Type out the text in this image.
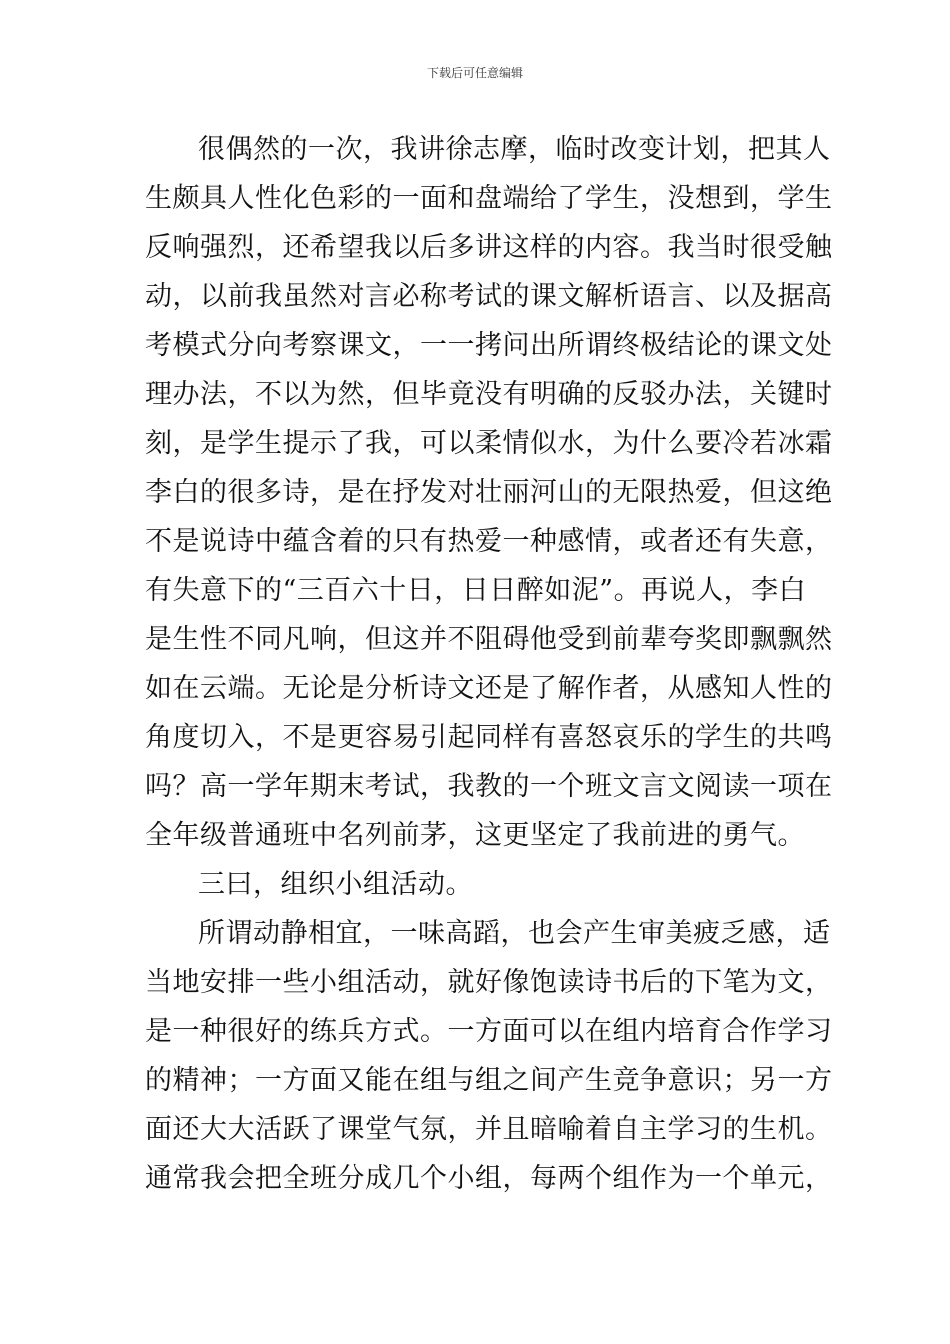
下载后可任意编辑
很偶然的一次，我讲徐志摩，临时改变计划，把其人
生颇具人性化色彩的一面和盘端给了学生，没想到，学生
反响强烈，还希望我以后多讲这样的内容。我当时很受触
动，以前我虽然对言必称考试的课文解析语言、以及据高
考模式分向考察课文，一一拷问出所谓终极结论的课文处
理办法，不以为然，但毕竟没有明确的反驳办法，关键时
刻，是学生提示了我，可以柔情似水，为什么要冷若冰霜
李白的很多诗，是在抒发对壮丽河山的无限热爱，但这绝
不是说诗中蕴含着的只有热爱一种感情，或者还有失意，
有失意下的“三百六十日，日日醉如泥”。再说人，李白
是生性不同凡响，但这并不阻碍他受到前辈夸奖即飘飘然
如在云端。无论是分析诗文还是了解作者，从感知人性的
角度切入，不是更容易引起同样有喜怒哀乐的学生的共鸣
吗？高一学年期末考试，我教的一个班文言文阅读一项在
全年级普通班中名列前茅，这更坚定了我前进的勇气。
三曰，组织小组活动。
所谓动静相宜，一味高蹈，也会产生审美疲乏感，适
当地安排一些小组活动，就好像饱读诗书后的下笔为文，
是一种很好的练兵方式。一方面可以在组内培育合作学习
的精神；一方面又能在组与组之间产生竞争意识；另一方
面还大大活跃了课堂气氛，并且暗喻着自主学习的生机。
通常我会把全班分成几个小组，每两个组作为一个单元，
